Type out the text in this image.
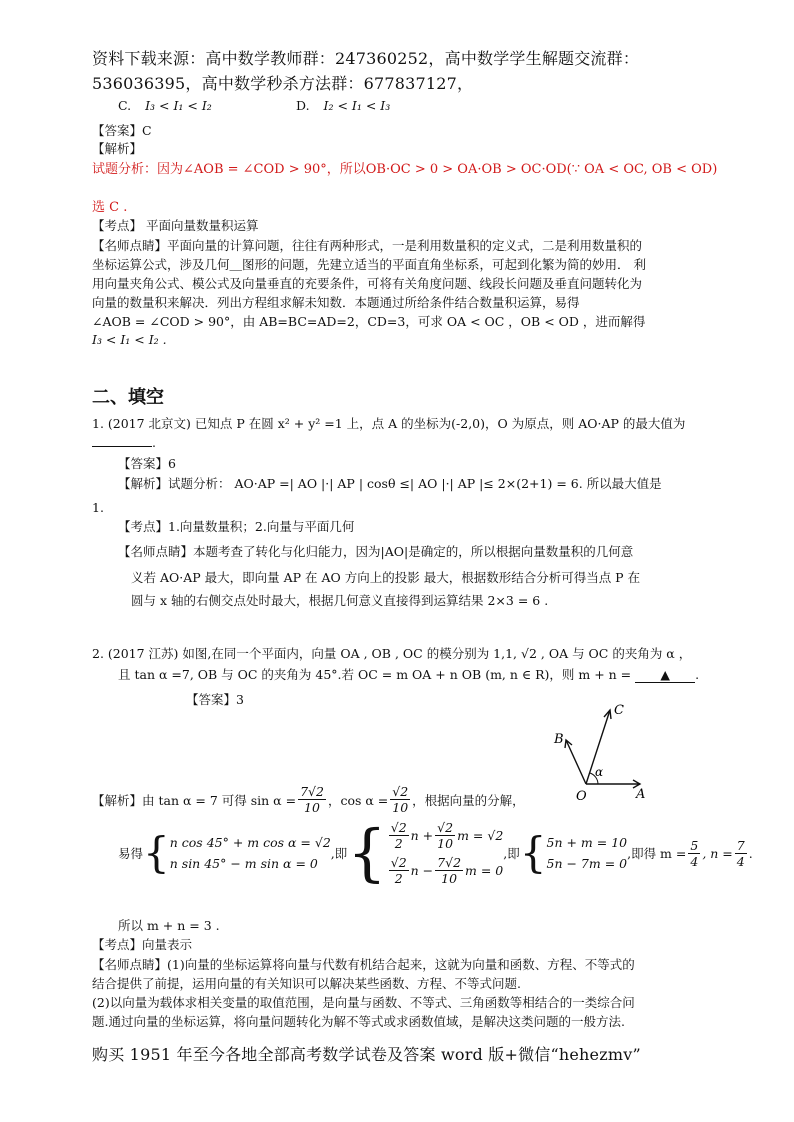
资料下载来源：高中数学教师群：247360252，高中数学学生解题交流群：
536036395，高中数学秒杀方法群：677837127，
C. I₃ < I₁ < I₂	D. I₂ < I₁ < I₃
【答案】C
【解析】
试题分析：因为∠AOB = ∠COD > 90°，所以OB·OC > 0 > OA·OB > OC·OD(∵ OA < OC, OB < OD)
选 C .
【考点】 平面向量数量积运算
【名师点睛】平面向量的计算问题，往往有两种形式，一是利用数量积的定义式，二是利用数量积的
坐标运算公式，涉及几何＿图形的问题，先建立适当的平面直角坐标系，可起到化繁为简的妙用． 利
用向量夹角公式、模公式及向量垂直的充要条件，可将有关角度问题、线段长问题及垂直问题转化为
向量的数量积来解决．列出方程组求解未知数．本题通过所给条件结合数量积运算，易得
∠AOB = ∠COD > 90°，由 AB=BC=AD=2，CD=3，可求 OA < OC ，OB < OD ，进而解得
I₃ < I₁ < I₂ .
二、填空
1. (2017 北京文) 已知点 P 在圆 x² + y² =1 上，点 A 的坐标为(-2,0)，O 为原点，则 AO·AP 的最大值为
.
【答案】6
【解析】试题分析： AO·AP =| AO |·| AP | cosθ ≤| AO |·| AP |≤ 2×(2+1) = 6. 所以最大值是
1.
【考点】1.向量数量积；2.向量与平面几何
【名师点睛】本题考查了转化与化归能力，因为|AO|是确定的，所以根据向量数量积的几何意
义若 AO·AP 最大，即向量 AP 在 AO 方向上的投影 最大，根据数形结合分析可得当点 P 在
圆与 x 轴的右侧交点处时最大，根据几何意义直接得到运算结果 2×3 = 6 .
2. (2017 江苏) 如图,在同一个平面内，向量 OA , OB , OC 的模分别为 1,1, √2 , OA 与 OC 的夹角为 α ，
且 tan α =7, OB 与 OC 的夹角为 45°.若 OC = m OA + n OB (m, n ∈ R)，则 m + n = ▲ .
【答案】3
C
B
O	A
α
【解析】由 tan α = 7 可得 $\sin \alpha = \frac{7√2}{10}$ ，$\cos \alpha = \frac{√2}{10}$ ，根据向量的分解，
易得 { n cos 45° + m cos α = √2
n sin 45° − m sin α = 0
,即 { $\frac{√2}{2}$ $n + \frac{√2}{10}$ m = √2
$\frac{√2}{2}$ $n - \frac{7√2}{10}$ m = 0
,即 { 5n + m = 10
5n − 7m = 0
,即得 $m = \frac{5}{4}$ , $n = \frac{7}{4}$ .
所以 m + n = 3 .
【考点】向量表示
【名师点睛】(1)向量的坐标运算将向量与代数有机结合起来，这就为向量和函数、方程、不等式的
结合提供了前提，运用向量的有关知识可以解决某些函数、方程、不等式问题.
(2)以向量为载体求相关变量的取值范围，是向量与函数、不等式、三角函数等相结合的一类综合问
题.通过向量的坐标运算，将向量问题转化为解不等式或求函数值域，是解决这类问题的一般方法.
购买 1951 年至今各地全部高考数学试卷及答案 word 版+微信“hehezmv”
